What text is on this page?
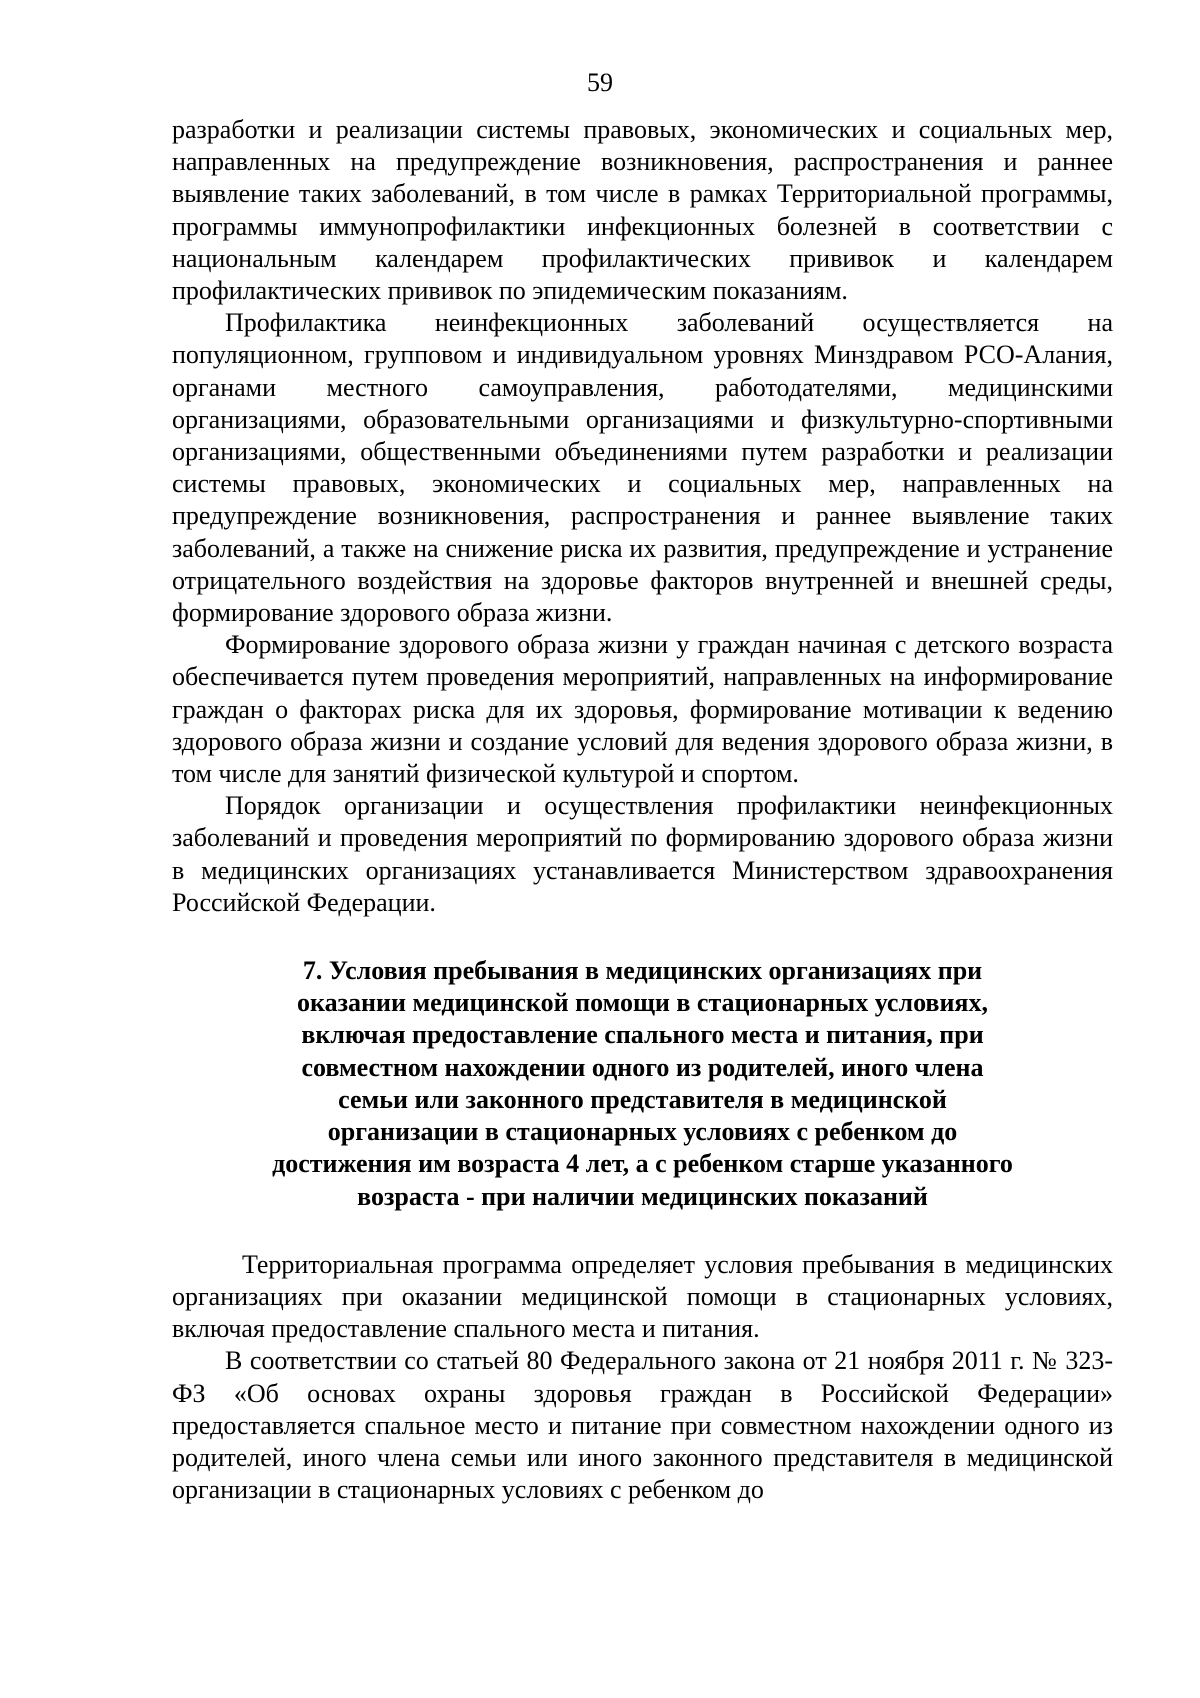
59

разработки и реализации системы правовых, экономических и социальных мер, направленных на предупреждение возникновения, распространения и раннее выявление таких заболеваний, в том числе в рамках Территориальной программы, программы иммунопрофилактики инфекционных болезней в соответствии с национальным календарем профилактических прививок и календарем профилактических прививок по эпидемическим показаниям.

Профилактика неинфекционных заболеваний осуществляется на популяционном, групповом и индивидуальном уровнях Минздравом РСО-Алания, органами местного самоуправления, работодателями, медицинскими организациями, образовательными организациями и физкультурно-спортивными организациями, общественными объединениями путем разработки и реализации системы правовых, экономических и социальных мер, направленных на предупреждение возникновения, распространения и раннее выявление таких заболеваний, а также на снижение риска их развития, предупреждение и устранение отрицательного воздействия на здоровье факторов внутренней и внешней среды, формирование здорового образа жизни.

Формирование здорового образа жизни у граждан начиная с детского возраста обеспечивается путем проведения мероприятий, направленных на информирование граждан о факторах риска для их здоровья, формирование мотивации к ведению здорового образа жизни и создание условий для ведения здорового образа жизни, в том числе для занятий физической культурой и спортом.

Порядок организации и осуществления профилактики неинфекционных заболеваний и проведения мероприятий по формированию здорового образа жизни в медицинских организациях устанавливается Министерством здравоохранения Российской Федерации.

7. Условия пребывания в медицинских организациях при оказании медицинской помощи в стационарных условиях, включая предоставление спального места и питания, при совместном нахождении одного из родителей, иного члена семьи или законного представителя в медицинской организации в стационарных условиях с ребенком до достижения им возраста 4 лет, а с ребенком старше указанного возраста - при наличии медицинских показаний

Территориальная программа определяет условия пребывания в медицинских организациях при оказании медицинской помощи в стационарных условиях, включая предоставление спального места и питания.

В соответствии со статьей 80 Федерального закона от 21 ноября 2011 г. № 323-ФЗ «Об основах охраны здоровья граждан в Российской Федерации» предоставляется спальное место и питание при совместном нахождении одного из родителей, иного члена семьи или иного законного представителя в медицинской организации в стационарных условиях с ребенком до
